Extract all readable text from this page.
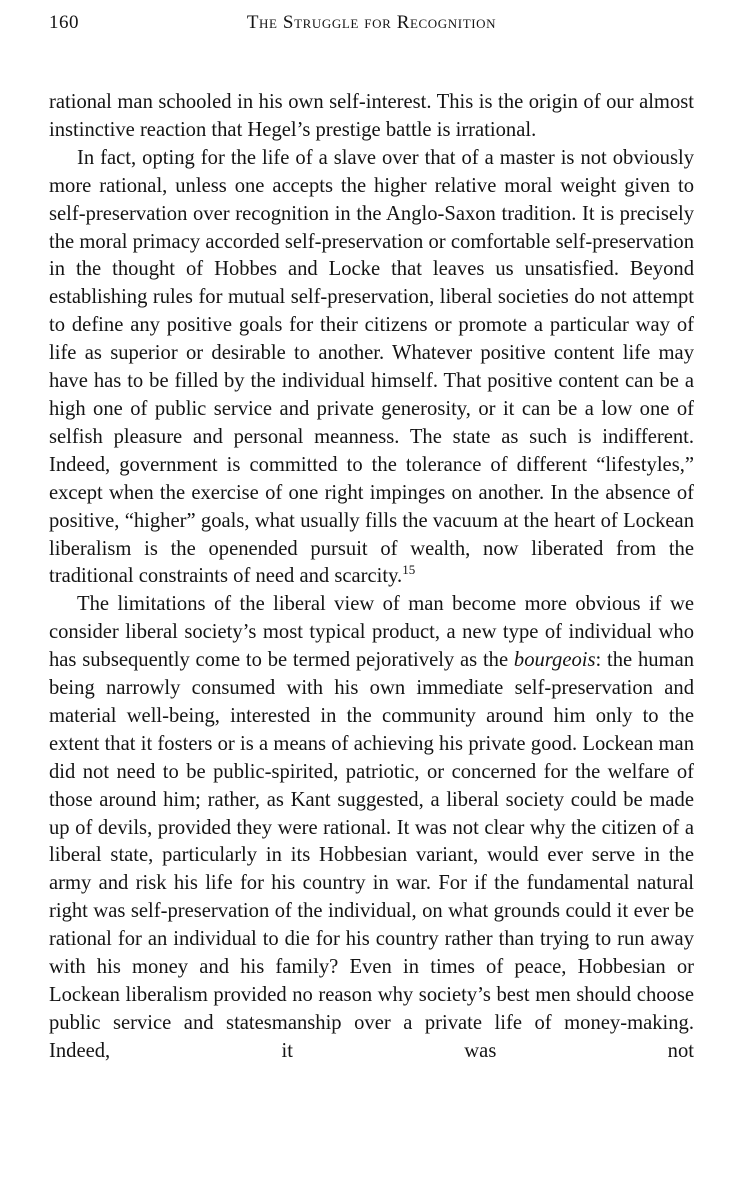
160	The Struggle for Recognition

rational man schooled in his own self-interest. This is the origin of our almost instinctive reaction that Hegel’s prestige battle is irrational.

In fact, opting for the life of a slave over that of a master is not obviously more rational, unless one accepts the higher relative moral weight given to self-preservation over recognition in the Anglo-Saxon tradition. It is precisely the moral primacy accorded self-preservation or comfortable self-preservation in the thought of Hobbes and Locke that leaves us unsatisfied. Beyond establishing rules for mutual self-preservation, liberal societies do not attempt to define any positive goals for their citizens or promote a particular way of life as superior or desirable to another. Whatever positive content life may have has to be filled by the individual himself. That positive content can be a high one of public service and private generosity, or it can be a low one of selfish pleasure and personal meanness. The state as such is indifferent. Indeed, government is committed to the tolerance of different “lifestyles,” except when the exercise of one right impinges on another. In the absence of positive, “higher” goals, what usually fills the vacuum at the heart of Lockean liberalism is the openended pursuit of wealth, now liberated from the traditional constraints of need and scarcity.$^{15}$

The limitations of the liberal view of man become more obvious if we consider liberal society’s most typical product, a new type of individual who has subsequently come to be termed pejoratively as the bourgeois: the human being narrowly consumed with his own immediate self-preservation and material well-being, interested in the community around him only to the extent that it fosters or is a means of achieving his private good. Lockean man did not need to be public-spirited, patriotic, or concerned for the welfare of those around him; rather, as Kant suggested, a liberal society could be made up of devils, provided they were rational. It was not clear why the citizen of a liberal state, particularly in its Hobbesian variant, would ever serve in the army and risk his life for his country in war. For if the fundamental natural right was self-preservation of the individual, on what grounds could it ever be rational for an individual to die for his country rather than trying to run away with his money and his family? Even in times of peace, Hobbesian or Lockean liberalism provided no reason why society’s best men should choose public service and statesmanship over a private life of money-making. Indeed, it was not
